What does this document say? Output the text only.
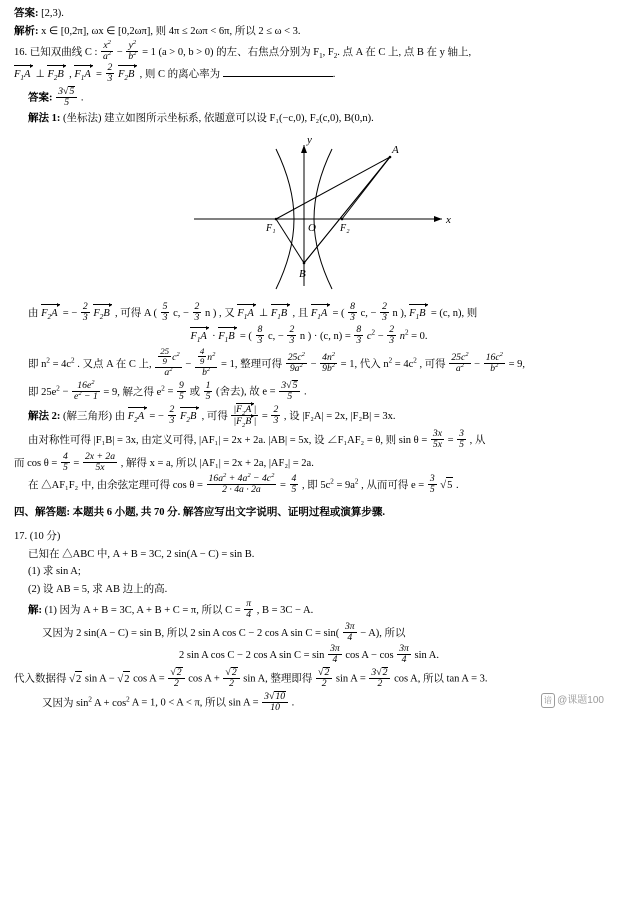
答案: [2,3).
解析: x ∈ [0,2π], ωx ∈ [0,2ωπ], 则 4π ≤ 2ωπ < 6π, 所以 2 ≤ ω < 3.
16. 已知双曲线 C : $\frac{x^2}{a^2} - \frac{y^2}{b^2} = 1$ (a > 0, b > 0) 的左、右焦点分别为 $F_1$, $F_2$. 点 A 在 C 上, 点 B 在 y 轴上,
$F_1A$  ⊥ $F_2B$  , $F_1A = \frac{2}{3} F_2B$  , 则 C 的离心率为	.
答案: $\frac{3√5}{5}$ .
解法 1: (坐标法) 建立如图所示坐标系, 依题意可以设 F₁(−c,0), F₂(c,0), B(0,n).
y
x
O
F₁	F₂
A
B
由 $F_2A$  = − $\frac{2}{3} F_2B$  , 可得 A ( $\frac{5}{3} c$, − $\frac{2}{3}$ n ) , 又 $F_1A$  ⊥ $F_1B$  , 且 $F_1A$  = ( $\frac{8}{3} c$, − $\frac{2}{3}$ n ), $F_1B = (c$, n), 则
$F_1A \cdot F_1B$  = ( $\frac{8}{3} c$, − $\frac{2}{3}$ n ) · (c, $n) = \frac{8}{3} c^2 - \frac{2}{3} n^2 = 0$.
即 $n^2 = 4c^2$ . 又点 A 在 C 上, $\frac{\frac{25}{9} c^2}{a^2} - \frac{\frac{4}{9} n^2}{b^2} = 1$, 整理可得 $\frac{25c^2}{9a^2} - \frac{4n^2}{9b^2} = 1$, 代入 $n^2 = 4c^2$ , 可得 $\frac{25c^2}{a^2} - \frac{16c^2}{b^2} = 9$,
即 $25e^2 - \frac{16e^2}{e^2 - 1} = 9$, 解之得 $e^2 = \frac{9}{5}$ 或 $\frac{1}{5}$ (舍去), 故 $e = \frac{3√5}{5}$ .
解法 2: (解三角形) 由 $F_2A$  = − $\frac{2}{3} F_2B$  , 可得 $\frac{|F_2A |}{|F_2B |} = \frac{2}{3}$ , 设 |F₂A| = 2x, |F₂B| = 3x.
由对称性可得 |F₁B| = 3x, 由定义可得, |AF₁| = 2x + 2a. |AB| = 5x, 设 ∠F₁AF₂ = θ, 则 $\sin \theta = \frac{3x}{5x} = \frac{3}{5}$ , 从
而 $\cos \theta = \frac{4}{5} = \frac{2x + 2a}{5x}$ , 解得 x = a, 所以 |AF₁| = 2x + 2a, |AF₂| = 2a.
在 △AF₁F₂ 中, 由余弦定理可得 $\cos \theta = \frac{16a^2 + 4a^2 - 4c^2}{2 \cdot 4a \cdot 2a} = \frac{4}{5}$ , 即 $5c^2 = 9a^2$ , 从而可得 $e = \frac{3}{5} √5$ .
四、解答题: 本题共 6 小题, 共 70 分. 解答应写出文字说明、证明过程或演算步骤.
17. (10 分)
已知在 △ABC 中, A + B = 3C, 2 sin(A − C) = sin B.
(1) 求 sin A;
(2) 设 AB = 5, 求 AB 边上的高.
解: (1) 因为 A + B = 3C, A + B + C = π, 所以 $C = \frac{\pi}{4}$ , B = 3C − A.
又因为 2 sin(A − C) = sin B, 所以 2 sin A cos C − 2 cos A $\sin C = \sin( \frac{3\pi}{4} - A)$, 所以
2 sin A cos C − 2 cos A $\sin C = \sin \frac{3\pi}{4}$ $\cos A - \cos \frac{3\pi}{4}$ sin A.
代入数据得 √2 sin A − √2 $\cos A = \frac{√2}{2}$ $\cos A + \frac{√2}{2}$ sin A, 整理即得 $\frac{√2}{2}$ $\sin A = \frac{3√2}{2}$ cos A, 所以 tan A = 3.
又因为 $\sin^2 A + \cos^2 A = 1$, 0 < A < π, 所以 $\sin A = \frac{3√10}{10}$ .	谙 @课题100
